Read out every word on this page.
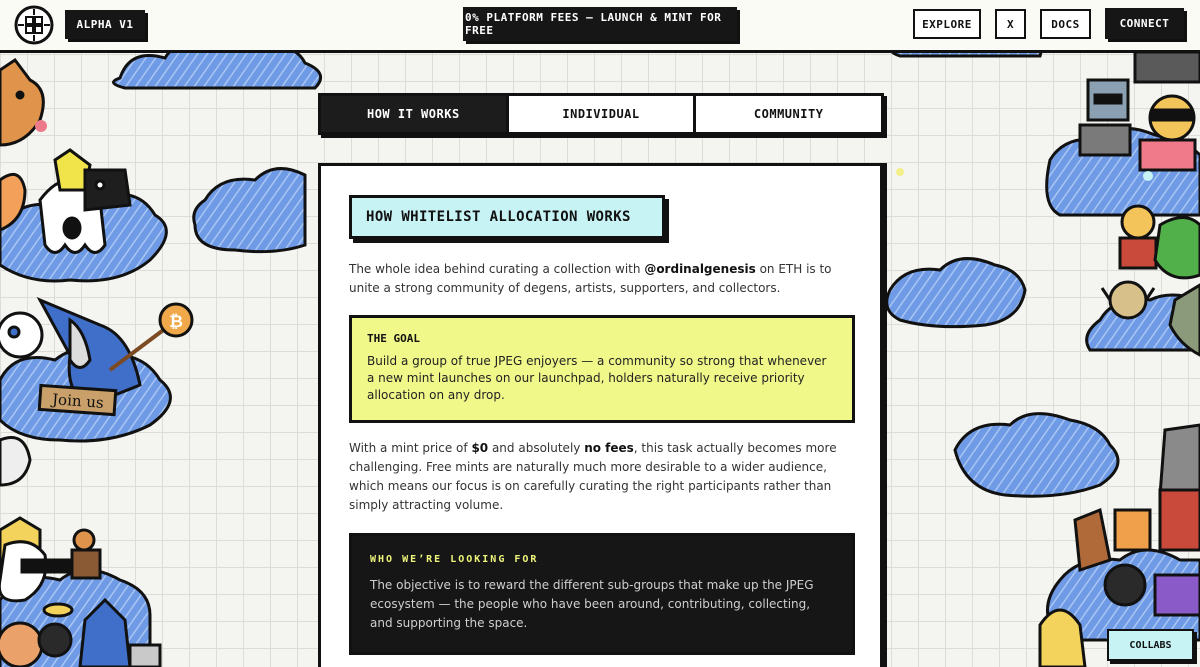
₿
Join us
ALPHA V1
0% PLATFORM FEES — LAUNCH & MINT FOR FREE	EXPLORE	X	DOCS	CONNECT
HOW IT WORKS	INDIVIDUAL	COMMUNITY
HOW WHITELIST ALLOCATION WORKS

The whole idea behind curating a collection with @ordinalgenesis on ETH is to unite a strong community of degens, artists, supporters, and collectors.

THE GOAL
Build a group of true JPEG enjoyers — a community so strong that whenever a new mint launches on our launchpad, holders naturally receive priority allocation on any drop.

With a mint price of $0 and absolutely no fees, this task actually becomes more challenging. Free mints are naturally much more desirable to a wider audience, which means our focus is on carefully curating the right participants rather than simply attracting volume.

WHO WE’RE LOOKING FOR
The objective is to reward the different sub-groups that make up the JPEG ecosystem — the people who have been around, contributing, collecting, and supporting the space.
COLLABS
